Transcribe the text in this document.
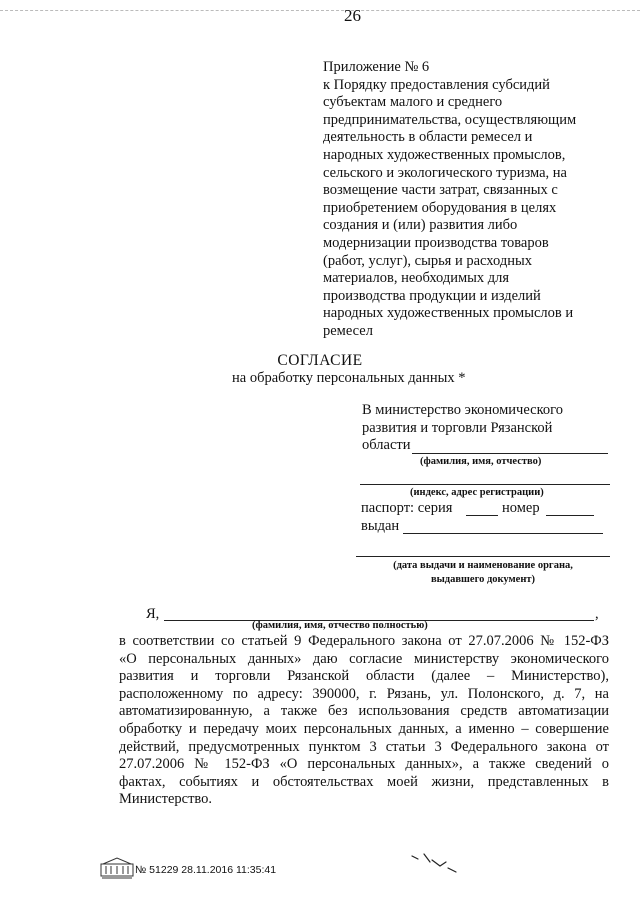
26
Приложение № 6
к Порядку предоставления субсидий
субъектам малого и среднего
предпринимательства, осуществляющим
деятельность в области ремесел и
народных художественных промыслов,
сельского и экологического туризма, на
возмещение части затрат, связанных с
приобретением оборудования в целях
создания и (или) развития либо
модернизации производства товаров
(работ, услуг), сырья и расходных
материалов, необходимых для
производства продукции и изделий
народных художественных промыслов и
ремесел
СОГЛАСИЕ
на обработку персональных данных *
В министерство экономического
развития и торговли Рязанской
области
(фамилия, имя, отчество)
(индекс, адрес регистрации)
паспорт: серия	номер
выдан
(дата выдачи и наименование органа,
выдавшего документ)
Я,	,
(фамилия, имя, отчество полностью)
в соответствии со статьей 9 Федерального закона от 27.07.2006 № 152-ФЗ
«О персональных данных» даю согласие министерству экономического
развития и торговли Рязанской области (далее – Министерство),
расположенному по адресу: 390000, г. Рязань, ул. Полонского, д. 7, на
автоматизированную, а также без использования средств автоматизации
обработку и передачу моих персональных данных, а именно – совершение
действий, предусмотренных пунктом 3 статьи 3 Федерального закона от
27.07.2006 № 152-ФЗ «О персональных данных», а также сведений о
фактах, событиях и обстоятельствах моей жизни, представленных в
Министерство.
№ 51229 28.11.2016 11:35:41
